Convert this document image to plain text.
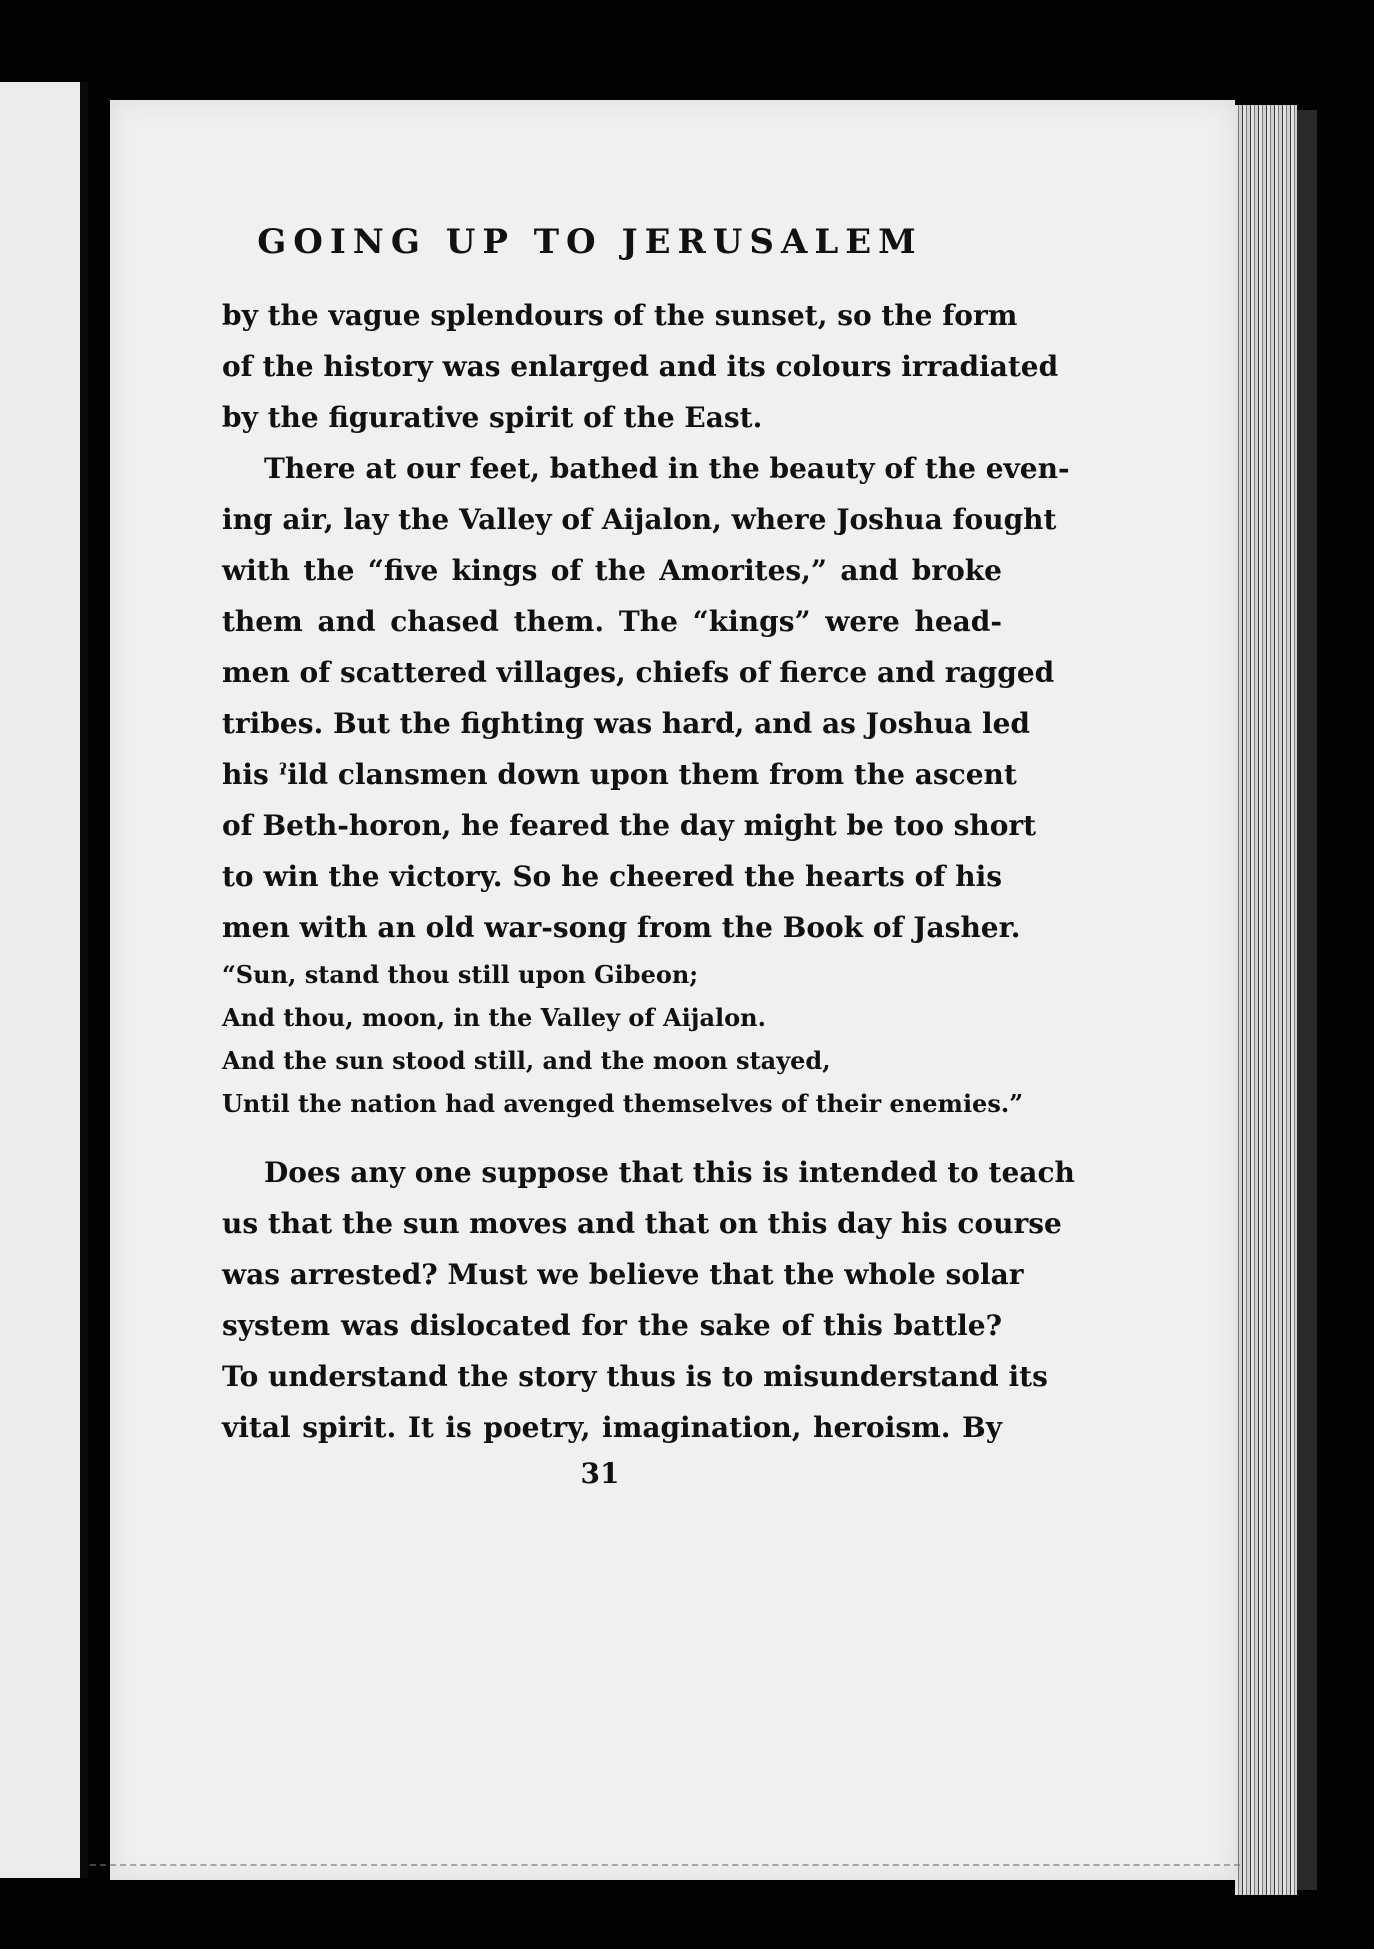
GOING UP TO JERUSALEM
by the vague splendours of the sunset, so the form
of the history was enlarged and its colours irradiated
by the figurative spirit of the East.
There at our feet, bathed in the beauty of the even-
ing air, lay the Valley of Aijalon, where Joshua fought
with the “five kings of the Amorites,” and broke
them and chased them. The “kings” were head-
men of scattered villages, chiefs of fierce and ragged
tribes. But the fighting was hard, and as Joshua led
his ˀild clansmen down upon them from the ascent
of Beth-horon, he feared the day might be too short
to win the victory. So he cheered the hearts of his
men with an old war-song from the Book of Jasher.
“Sun, stand thou still upon Gibeon;
And thou, moon, in the Valley of Aijalon.
And the sun stood still, and the moon stayed,
Until the nation had avenged themselves of their enemies.”
Does any one suppose that this is intended to teach
us that the sun moves and that on this day his course
was arrested? Must we believe that the whole solar
system was dislocated for the sake of this battle?
To understand the story thus is to misunderstand its
vital spirit. It is poetry, imagination, heroism. By
31
